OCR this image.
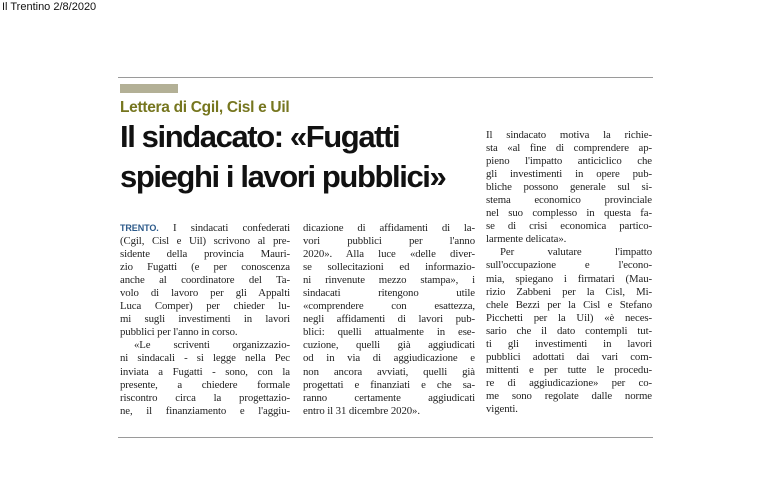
Il Trentino 2/8/2020
Lettera di Cgil, Cisl e Uil
Il sindacato: «Fugatti
spieghi i lavori pubblici»

TRENTO. I sindacati confederati

(Cgil, Cisl e Uil) scrivono al pre-

sidente della provincia Mauri-

zio Fugatti (e per conoscenza

anche al coordinatore del Ta-

volo di lavoro per gli Appalti

Luca Comper) per chieder lu-

mi sugli investimenti in lavori

pubblici per l'anno in corso.

«Le scriventi organizzazio-

ni sindacali - si legge nella Pec

inviata a Fugatti - sono, con la

presente, a chiedere formale

riscontro circa la progettazio-

ne, il finanziamento e l'aggiu-

dicazione di affidamenti di la-

vori pubblici per l'anno

2020». Alla luce «delle diver-

se sollecitazioni ed informazio-

ni rinvenute mezzo stampa», i

sindacati ritengono utile

«comprendere con esattezza,

negli affidamenti di lavori pub-

blici: quelli attualmente in ese-

cuzione, quelli già aggiudicati

od in via di aggiudicazione e

non ancora avviati, quelli già

progettati e finanziati e che sa-

ranno certamente aggiudicati

entro il 31 dicembre 2020».

Il sindacato motiva la richie-

sta «al fine di comprendere ap-

pieno l'impatto anticiclico che

gli investimenti in opere pub-

bliche possono generale sul si-

stema economico provinciale

nel suo complesso in questa fa-

se di crisi economica partico-

larmente delicata».

Per valutare l'impatto

sull'occupazione e l'econo-

mia, spiegano i firmatari (Mau-

rizio Zabbeni per la Cisl, Mi-

chele Bezzi per la Cisl e Stefano

Picchetti per la Uil) «è neces-

sario che il dato contempli tut-

ti gli investimenti in lavori

pubblici adottati dai vari com-

mittenti e per tutte le procedu-

re di aggiudicazione» per co-

me sono regolate dalle norme

vigenti.
